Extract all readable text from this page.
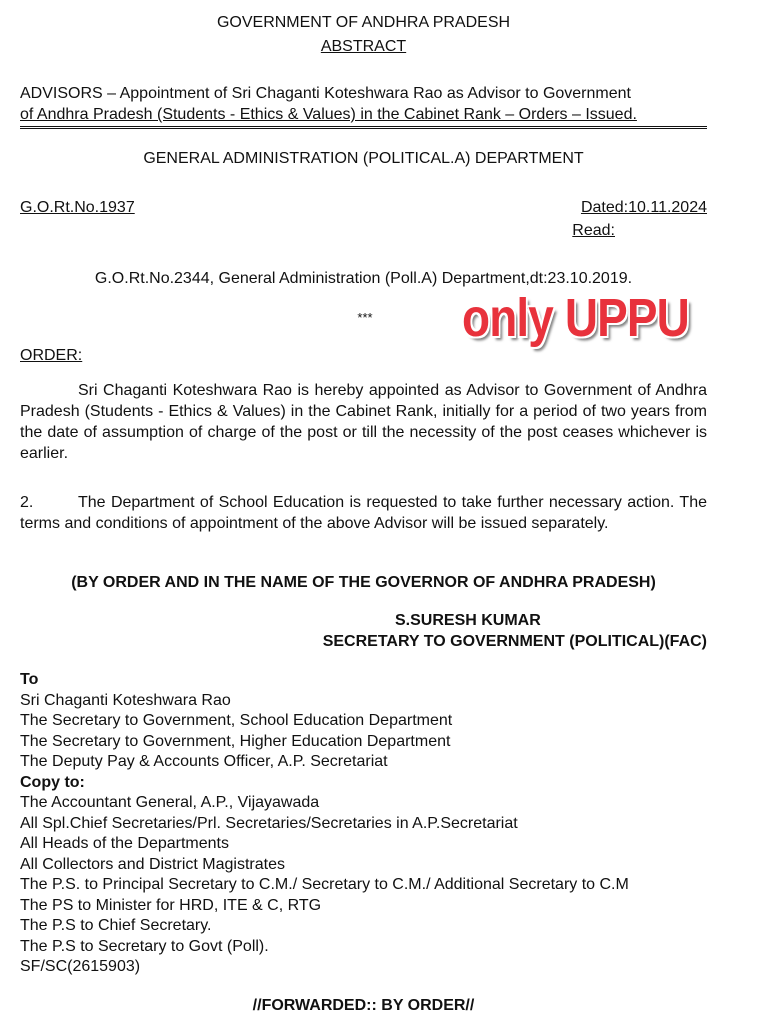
GOVERNMENT OF ANDHRA PRADESH
ABSTRACT
ADVISORS – Appointment of Sri Chaganti Koteshwara Rao as Advisor to Government
of Andhra Pradesh (Students - Ethics & Values) in the Cabinet Rank – Orders – Issued.
GENERAL ADMINISTRATION (POLITICAL.A) DEPARTMENT
G.O.Rt.No.1937	Dated:10.11.2024
Read:
G.O.Rt.No.2344, General Administration (Poll.A) Department,dt:23.10.2019.
***	only UPPU
ORDER:
Sri Chaganti Koteshwara Rao is hereby appointed as Advisor to Government of Andhra Pradesh (Students - Ethics & Values) in the Cabinet Rank, initially for a period of two years from the date of assumption of charge of the post or till the necessity of the post ceases whichever is earlier.
2.	The Department of School Education is requested to take further necessary action. The terms and conditions of appointment of the above Advisor will be issued separately.
(BY ORDER AND IN THE NAME OF THE GOVERNOR OF ANDHRA PRADESH)
S.SURESH KUMAR
SECRETARY TO GOVERNMENT (POLITICAL)(FAC)
To
Sri Chaganti Koteshwara Rao
The Secretary to Government, School Education Department
The Secretary to Government, Higher Education Department
The Deputy Pay & Accounts Officer, A.P. Secretariat
Copy to:
The Accountant General, A.P., Vijayawada
All Spl.Chief Secretaries/Prl. Secretaries/Secretaries in A.P.Secretariat
All Heads of the Departments
All Collectors and District Magistrates
The P.S. to Principal Secretary to C.M./ Secretary to C.M./ Additional Secretary to C.M
The PS to Minister for HRD, ITE & C, RTG
The P.S to Chief Secretary.
The P.S to Secretary to Govt (Poll).
SF/SC(2615903)
//FORWARDED:: BY ORDER//
